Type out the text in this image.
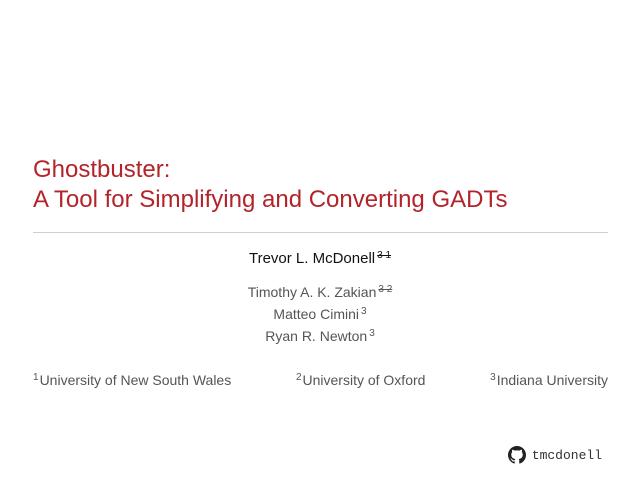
Ghostbuster:
A Tool for Simplifying and Converting GADTs
Trevor L. McDonell $^{3 1}$
Timothy A. K. Zakian $^{3 2}$
Matteo Cimini $^3$
Ryan R. Newton $^3$
$^1$University of New South Wales	$^2$University of Oxford	$^3$Indiana University
tmcdonell
